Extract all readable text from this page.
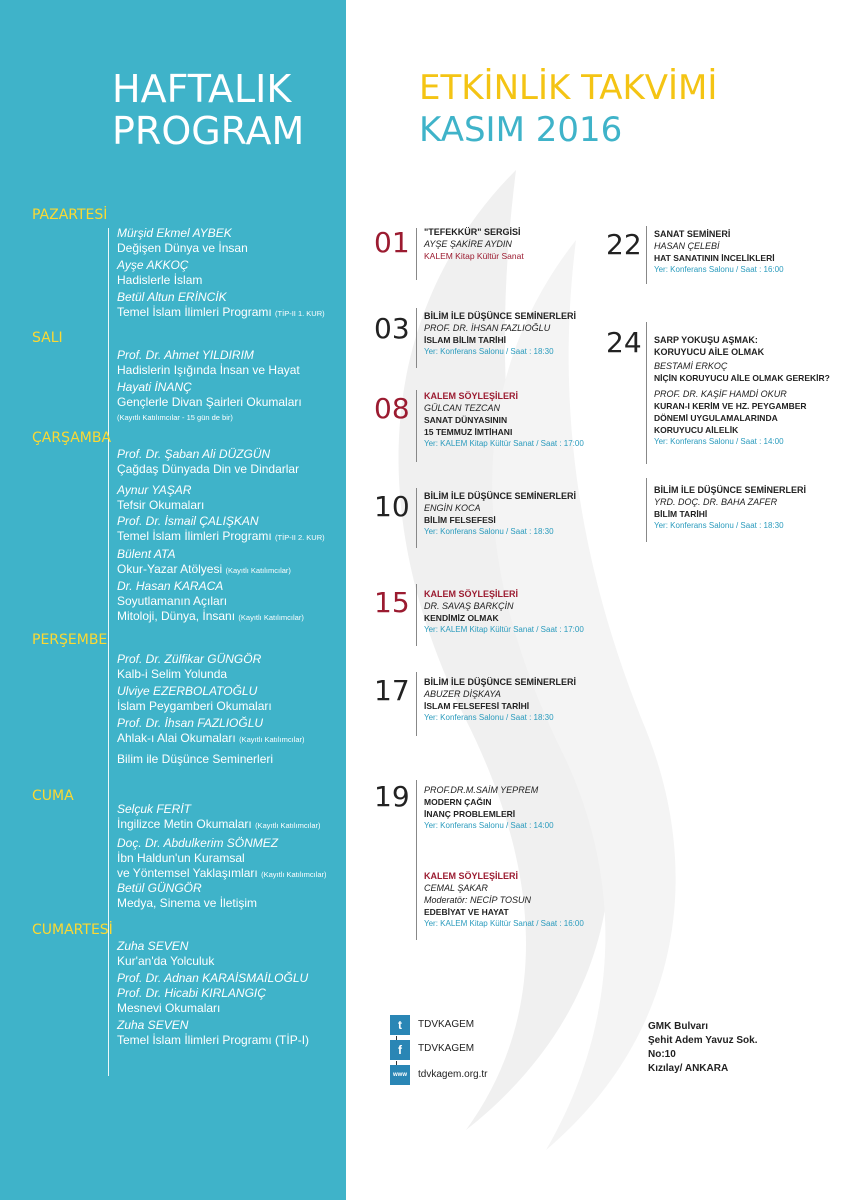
HAFTALIK
PROGRAM
PAZARTESİ
SALI
ÇARŞAMBA
PERŞEMBE
CUMA
CUMARTESİ
Mürşid Ekmel AYBEK
Değişen Dünya ve İnsan
Ayşe AKKOÇ
Hadislerle İslam
Betül Altun ERİNCİK
Temel İslam İlimleri Programı (TİP-II 1. KUR)
Prof. Dr. Ahmet YILDIRIM
Hadislerin Işığında İnsan ve Hayat
Hayati İNANÇ
Gençlerle Divan Şairleri Okumaları
(Kayıtlı Katılımcılar - 15 gün de bir)
Prof. Dr. Şaban Ali DÜZGÜN
Çağdaş Dünyada Din ve Dindarlar
Aynur YAŞAR
Tefsir Okumaları
Prof. Dr. İsmail ÇALIŞKAN
Temel İslam İlimleri Programı (TİP-II 2. KUR)
Bülent ATA
Okur-Yazar Atölyesi (Kayıtlı Katılımcılar)
Dr. Hasan KARACA
Soyutlamanın Açıları
Mitoloji, Dünya, İnsanı (Kayıtlı Katılımcılar)
Prof. Dr. Zülfikar GÜNGÖR
Kalb-i Selim Yolunda
Ulviye EZERBOLATOĞLU
İslam Peygamberi Okumaları
Prof. Dr. İhsan FAZLIOĞLU
Ahlak-ı Alai Okumaları (Kayıtlı Katılımcılar)
Bilim ile Düşünce Seminerleri
Selçuk FERİT
İngilizce Metin Okumaları (Kayıtlı Katılımcılar)
Doç. Dr. Abdulkerim SÖNMEZ
İbn Haldun'un Kuramsal
ve Yöntemsel Yaklaşımları (Kayıtlı Katılımcılar)
Betül GÜNGÖR
Medya, Sinema ve İletişim
Zuha SEVEN
Kur'an'da Yolculuk
Prof. Dr. Adnan KARAİSMAİLOĞLU
Prof. Dr. Hicabi KIRLANGIÇ
Mesnevi Okumaları
Zuha SEVEN
Temel İslam İlimleri Programı (TİP-I)
ETKİNLİK TAKVİMİ
KASIM 2016
01 "TEFEKKÜR" SERGİSİ
AYŞE ŞAKİRE AYDIN
KALEM Kitap Kültür Sanat
03 BİLİM İLE DÜŞÜNCE SEMİNERLERİ
PROF. DR. İHSAN FAZLIOĞLU
İSLAM BİLİM TARİHİ
Yer: Konferans Salonu / Saat : 18:30
08 KALEM SÖYLEŞİLERİ
GÜLCAN TEZCAN
SANAT DÜNYASININ
15 TEMMUZ İMTİHANI
Yer: KALEM Kitap Kültür Sanat / Saat : 17:00
10 BİLİM İLE DÜŞÜNCE SEMİNERLERİ
ENGİN KOCA
BİLİM FELSEFESİ
Yer: Konferans Salonu / Saat : 18:30
15 KALEM SÖYLEŞİLERİ
DR. SAVAŞ BARKÇİN
KENDİMİZ OLMAK
Yer: KALEM Kitap Kültür Sanat / Saat : 17:00
17 BİLİM İLE DÜŞÜNCE SEMİNERLERİ
ABUZER DİŞKAYA
İSLAM FELSEFESİ TARİHİ
Yer: Konferans Salonu / Saat : 18:30
19 PROF.DR.M.SAİM YEPREM
MODERN ÇAĞIN
İNANÇ PROBLEMLERİ
Yer: Konferans Salonu / Saat : 14:00
KALEM SÖYLEŞİLERİ
CEMAL ŞAKAR
Moderatör: NECİP TOSUN
EDEBİYAT VE HAYAT
Yer: KALEM Kitap Kültür Sanat / Saat : 16:00
22 SANAT SEMİNERİ
HASAN ÇELEBİ
HAT SANATININ İNCELİKLERİ
Yer: Konferans Salonu / Saat : 16:00
24 SARP YOKUŞU AŞMAK:
KORUYUCU AİLE OLMAK
BESTAMİ ERKOÇ
NİÇİN KORUYUCU AİLE OLMAK GEREKİR?
PROF. DR. KAŞİF HAMDİ OKUR
KURAN-I KERİM VE HZ. PEYGAMBER
DÖNEMİ UYGULAMALARINDA
KORUYUCU AİLELİK
Yer: Konferans Salonu / Saat : 14:00
BİLİM İLE DÜŞÜNCE SEMİNERLERİ
YRD. DOÇ. DR. BAHA ZAFER
BİLİM TARİHİ
Yer: Konferans Salonu / Saat : 18:30
t
f
www
TDVKAGEM
TDVKAGEM
tdvkagem.org.tr
GMK Bulvarı
Şehit Adem Yavuz Sok.
No:10
Kızılay/ ANKARA
